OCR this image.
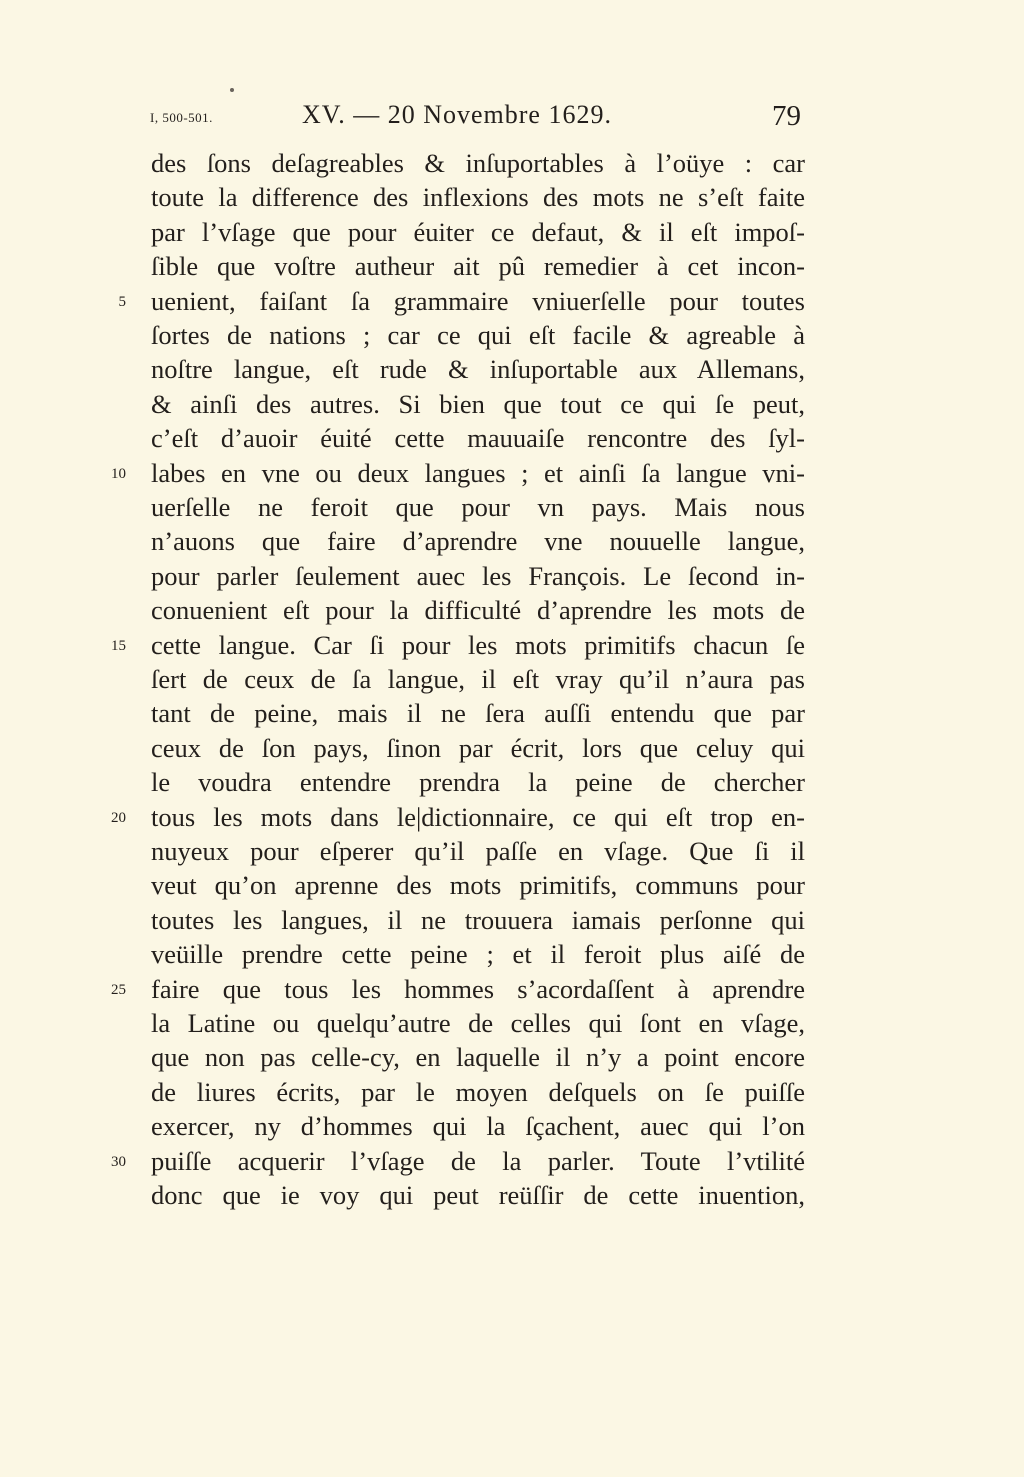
I, 500-501.	XV. — 20 Novembre 1629.	79
des ſons deſagreables & inſuportables à l’oüye : car
toute la difference des inflexions des mots ne s’eſt faite
par l’vſage que pour éuiter ce defaut, & il eſt impoſ-
ſible que voſtre autheur ait pû remedier à cet incon-
uenient, faiſant ſa grammaire vniuerſelle pour toutes
5
ſortes de nations ; car ce qui eſt facile & agreable à
noſtre langue, eſt rude & inſuportable aux Allemans,
& ainſi des autres. Si bien que tout ce qui ſe peut,
c’eſt d’auoir éuité cette mauuaiſe rencontre des ſyl-
labes en vne ou deux langues ; et ainſi ſa langue vni-
10
uerſelle ne feroit que pour vn pays. Mais nous
n’auons que faire d’aprendre vne nouuelle langue,
pour parler ſeulement auec les François. Le ſecond in-
conuenient eſt pour la difficulté d’aprendre les mots de
cette langue. Car ſi pour les mots primitifs chacun ſe
15
ſert de ceux de ſa langue, il eſt vray qu’il n’aura pas
tant de peine, mais il ne ſera auſſi entendu que par
ceux de ſon pays, ſinon par écrit, lors que celuy qui
le voudra entendre prendra la peine de chercher
tous les mots dans le|dictionnaire, ce qui eſt trop en-
20
nuyeux pour eſperer qu’il paſſe en vſage. Que ſi il
veut qu’on aprenne des mots primitifs, communs pour
toutes les langues, il ne trouuera iamais perſonne qui
veüille prendre cette peine ; et il feroit plus aiſé de
faire que tous les hommes s’acordaſſent à aprendre
25
la Latine ou quelqu’autre de celles qui ſont en vſage,
que non pas celle-cy, en laquelle il n’y a point encore
de liures écrits, par le moyen deſquels on ſe puiſſe
exercer, ny d’hommes qui la ſçachent, auec qui l’on
puiſſe acquerir l’vſage de la parler. Toute l’vtilité
30
donc que ie voy qui peut reüſſir de cette inuention,
